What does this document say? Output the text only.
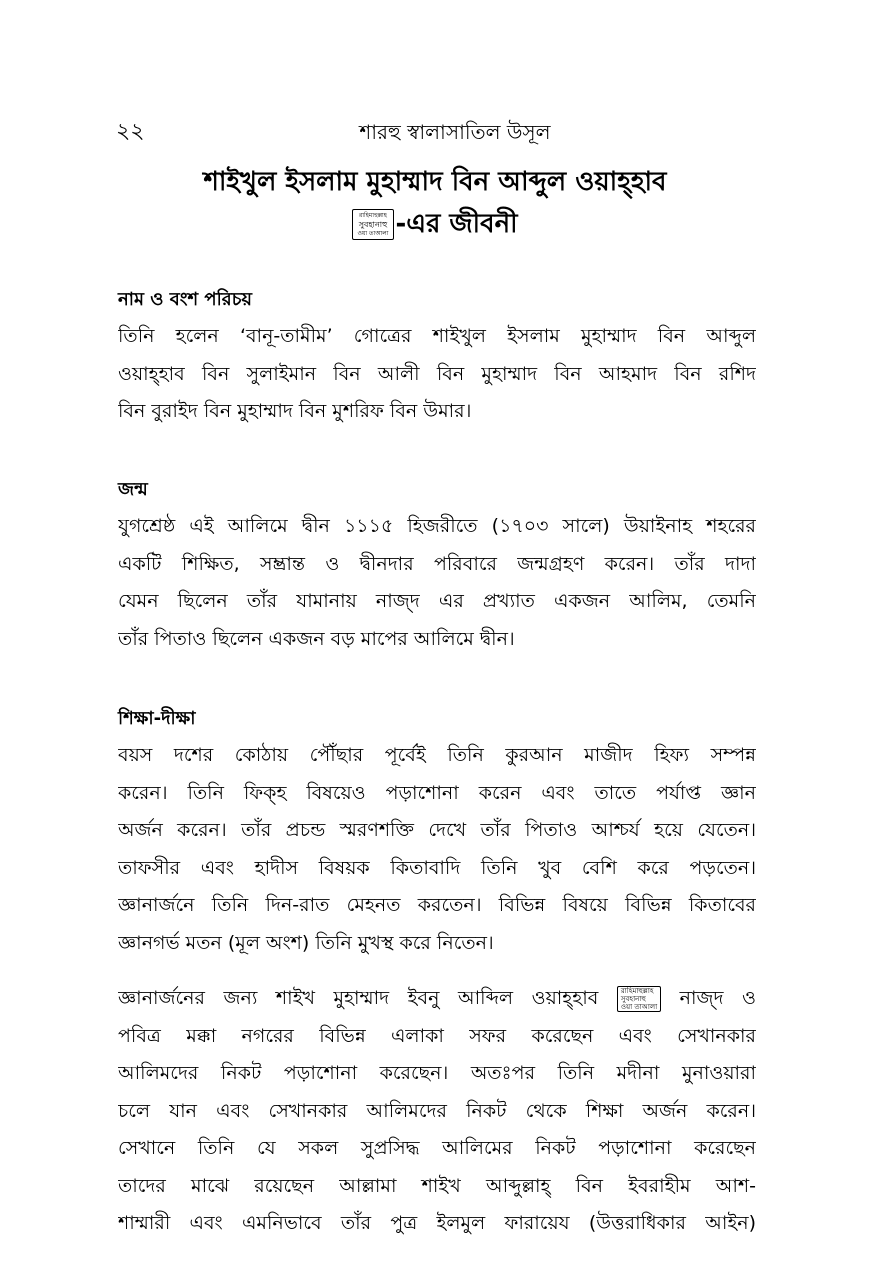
২২	শারহু স্বালাসাতিল উসূল
শাইখুল ইসলাম মুহাম্মাদ বিন আব্দুল ওয়াহ্হাব
রাহিমাহুল্লাহ
সুবহানাহু
ওয়া তাআলা -এর জীবনী
নাম ও বংশ পরিচয়
তিনি হলেন ‘বানূ-তামীম’ গোত্রের শাইখুল ইসলাম মুহাম্মাদ বিন আব্দুল
ওয়াহ্হাব বিন সুলাইমান বিন আলী বিন মুহাম্মাদ বিন আহমাদ বিন রশিদ
বিন বুরাইদ বিন মুহাম্মাদ বিন মুশরিফ বিন উমার।
জন্ম
যুগশ্রেষ্ঠ এই আলিমে দ্বীন ১১১৫ হিজরীতে (১৭০৩ সালে) উয়াইনাহ শহরের
একটি শিক্ষিত, সম্ভ্রান্ত ও দ্বীনদার পরিবারে জন্মগ্রহণ করেন। তাঁর দাদা
যেমন ছিলেন তাঁর যামানায় নাজ্দ এর প্রখ্যাত একজন আলিম, তেমনি
তাঁর পিতাও ছিলেন একজন বড় মাপের আলিমে দ্বীন।
শিক্ষা-দীক্ষা
বয়স দশের কোঠায় পৌঁছার পূর্বেই তিনি কুরআন মাজীদ হিফ্য সম্পন্ন
করেন। তিনি ফিক্হ বিষয়েও পড়াশোনা করেন এবং তাতে পর্যাপ্ত জ্ঞান
অর্জন করেন। তাঁর প্রচন্ড স্মরণশক্তি দেখে তাঁর পিতাও আশ্চর্য হয়ে যেতেন।
তাফসীর এবং হাদীস বিষয়ক কিতাবাদি তিনি খুব বেশি করে পড়তেন।
জ্ঞানার্জনে তিনি দিন-রাত মেহনত করতেন। বিভিন্ন বিষয়ে বিভিন্ন কিতাবের
জ্ঞানগর্ভ মতন (মূল অংশ) তিনি মুখস্থ করে নিতেন।
জ্ঞানার্জনের জন্য শাইখ মুহাম্মাদ ইবনু আব্দিল ওয়াহ্হাব	রাহিমাহুল্লাহ
সুবহানাহু
ওয়া তাআলা নাজ্দ ও
পবিত্র মক্কা নগরের বিভিন্ন এলাকা সফর করেছেন এবং সেখানকার
আলিমদের নিকট পড়াশোনা করেছেন। অতঃপর তিনি মদীনা মুনাওয়ারা
চলে যান এবং সেখানকার আলিমদের নিকট থেকে শিক্ষা অর্জন করেন।
সেখানে তিনি যে সকল সুপ্রসিদ্ধ আলিমের নিকট পড়াশোনা করেছেন
তাদের মাঝে রয়েছেন আল্লামা শাইখ আব্দুল্লাহ্ বিন ইবরাহীম আশ-
শাম্মারী এবং এমনিভাবে তাঁর পুত্র ইলমুল ফারায়েয (উত্তরাধিকার আইন)
